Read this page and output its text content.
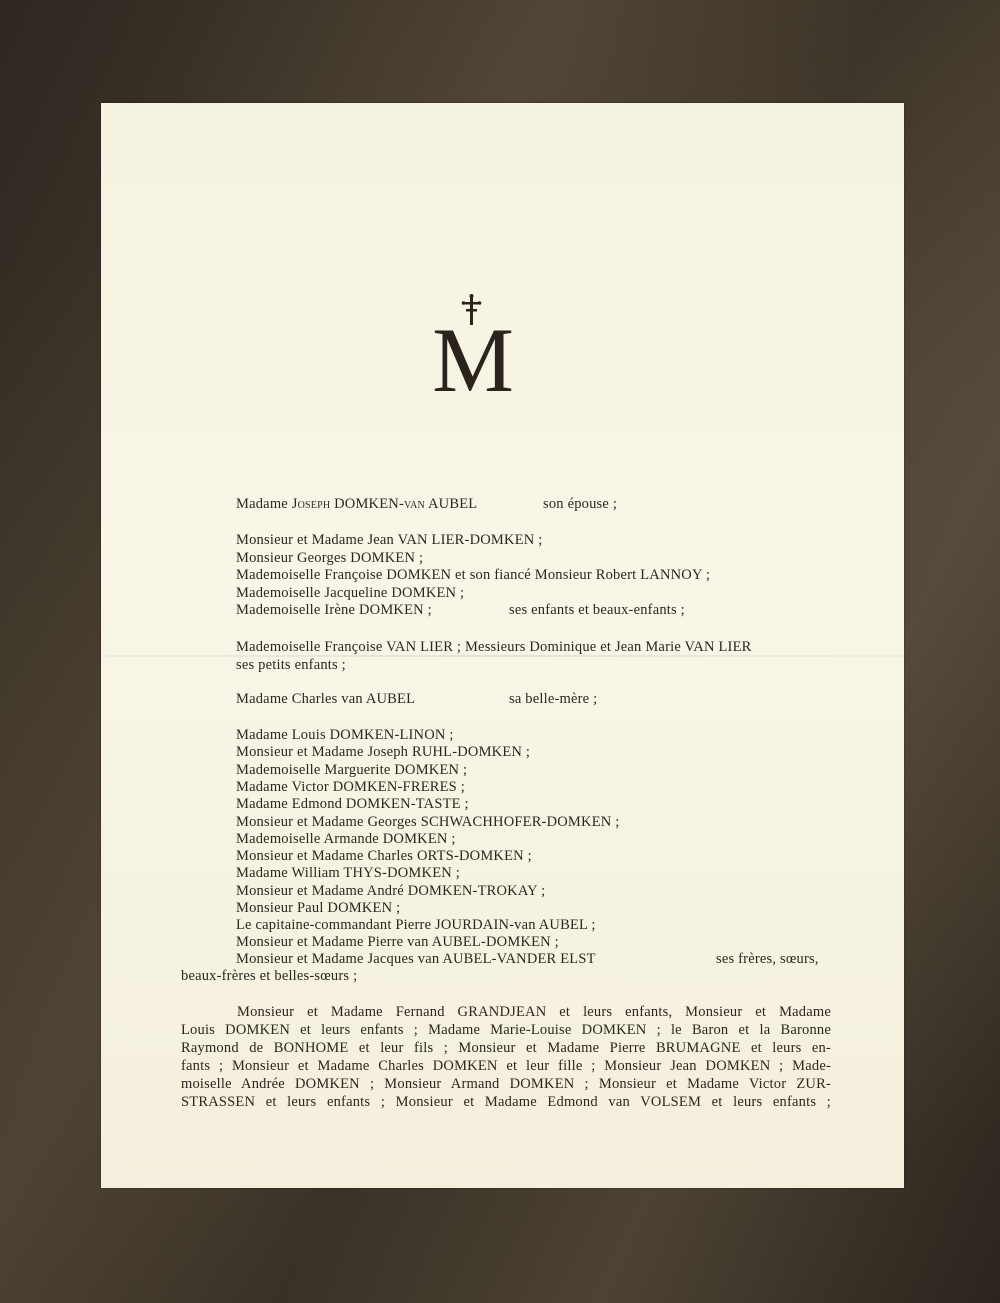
M
Madame Joseph DOMKEN-van AUBEL	son épouse ;
Monsieur et Madame Jean VAN LIER-DOMKEN ;
Monsieur Georges DOMKEN ;
Mademoiselle Françoise DOMKEN et son fiancé Monsieur Robert LANNOY ;
Mademoiselle Jacqueline DOMKEN ;
Mademoiselle Irène DOMKEN ;	ses enfants et beaux-enfants ;
Mademoiselle Françoise VAN LIER ; Messieurs Dominique et Jean Marie VAN LIER
ses petits enfants ;
Madame Charles van AUBEL	sa belle-mère ;
Madame Louis DOMKEN-LINON ;
Monsieur et Madame Joseph RUHL-DOMKEN ;
Mademoiselle Marguerite DOMKEN ;
Madame Victor DOMKEN-FRERES ;
Madame Edmond DOMKEN-TASTE ;
Monsieur et Madame Georges SCHWACHHOFER-DOMKEN ;
Mademoiselle Armande DOMKEN ;
Monsieur et Madame Charles ORTS-DOMKEN ;
Madame William THYS-DOMKEN ;
Monsieur et Madame André DOMKEN-TROKAY ;
Monsieur Paul DOMKEN ;
Le capitaine-commandant Pierre JOURDAIN-van AUBEL ;
Monsieur et Madame Pierre van AUBEL-DOMKEN ;
Monsieur et Madame Jacques van AUBEL-VANDER ELST	ses frères, sœurs,
beaux-frères et belles-sœurs ;
Monsieur et Madame Fernand GRANDJEAN et leurs enfants, Monsieur et Madame
Louis DOMKEN et leurs enfants ; Madame Marie-Louise DOMKEN ; le Baron et la Baronne
Raymond de BONHOME et leur fils ; Monsieur et Madame Pierre BRUMAGNE et leurs en-
fants ; Monsieur et Madame Charles DOMKEN et leur fille ; Monsieur Jean DOMKEN ; Made-
moiselle Andrée DOMKEN ; Monsieur Armand DOMKEN ; Monsieur et Madame Victor ZUR-
STRASSEN et leurs enfants ; Monsieur et Madame Edmond van VOLSEM et leurs enfants ;
